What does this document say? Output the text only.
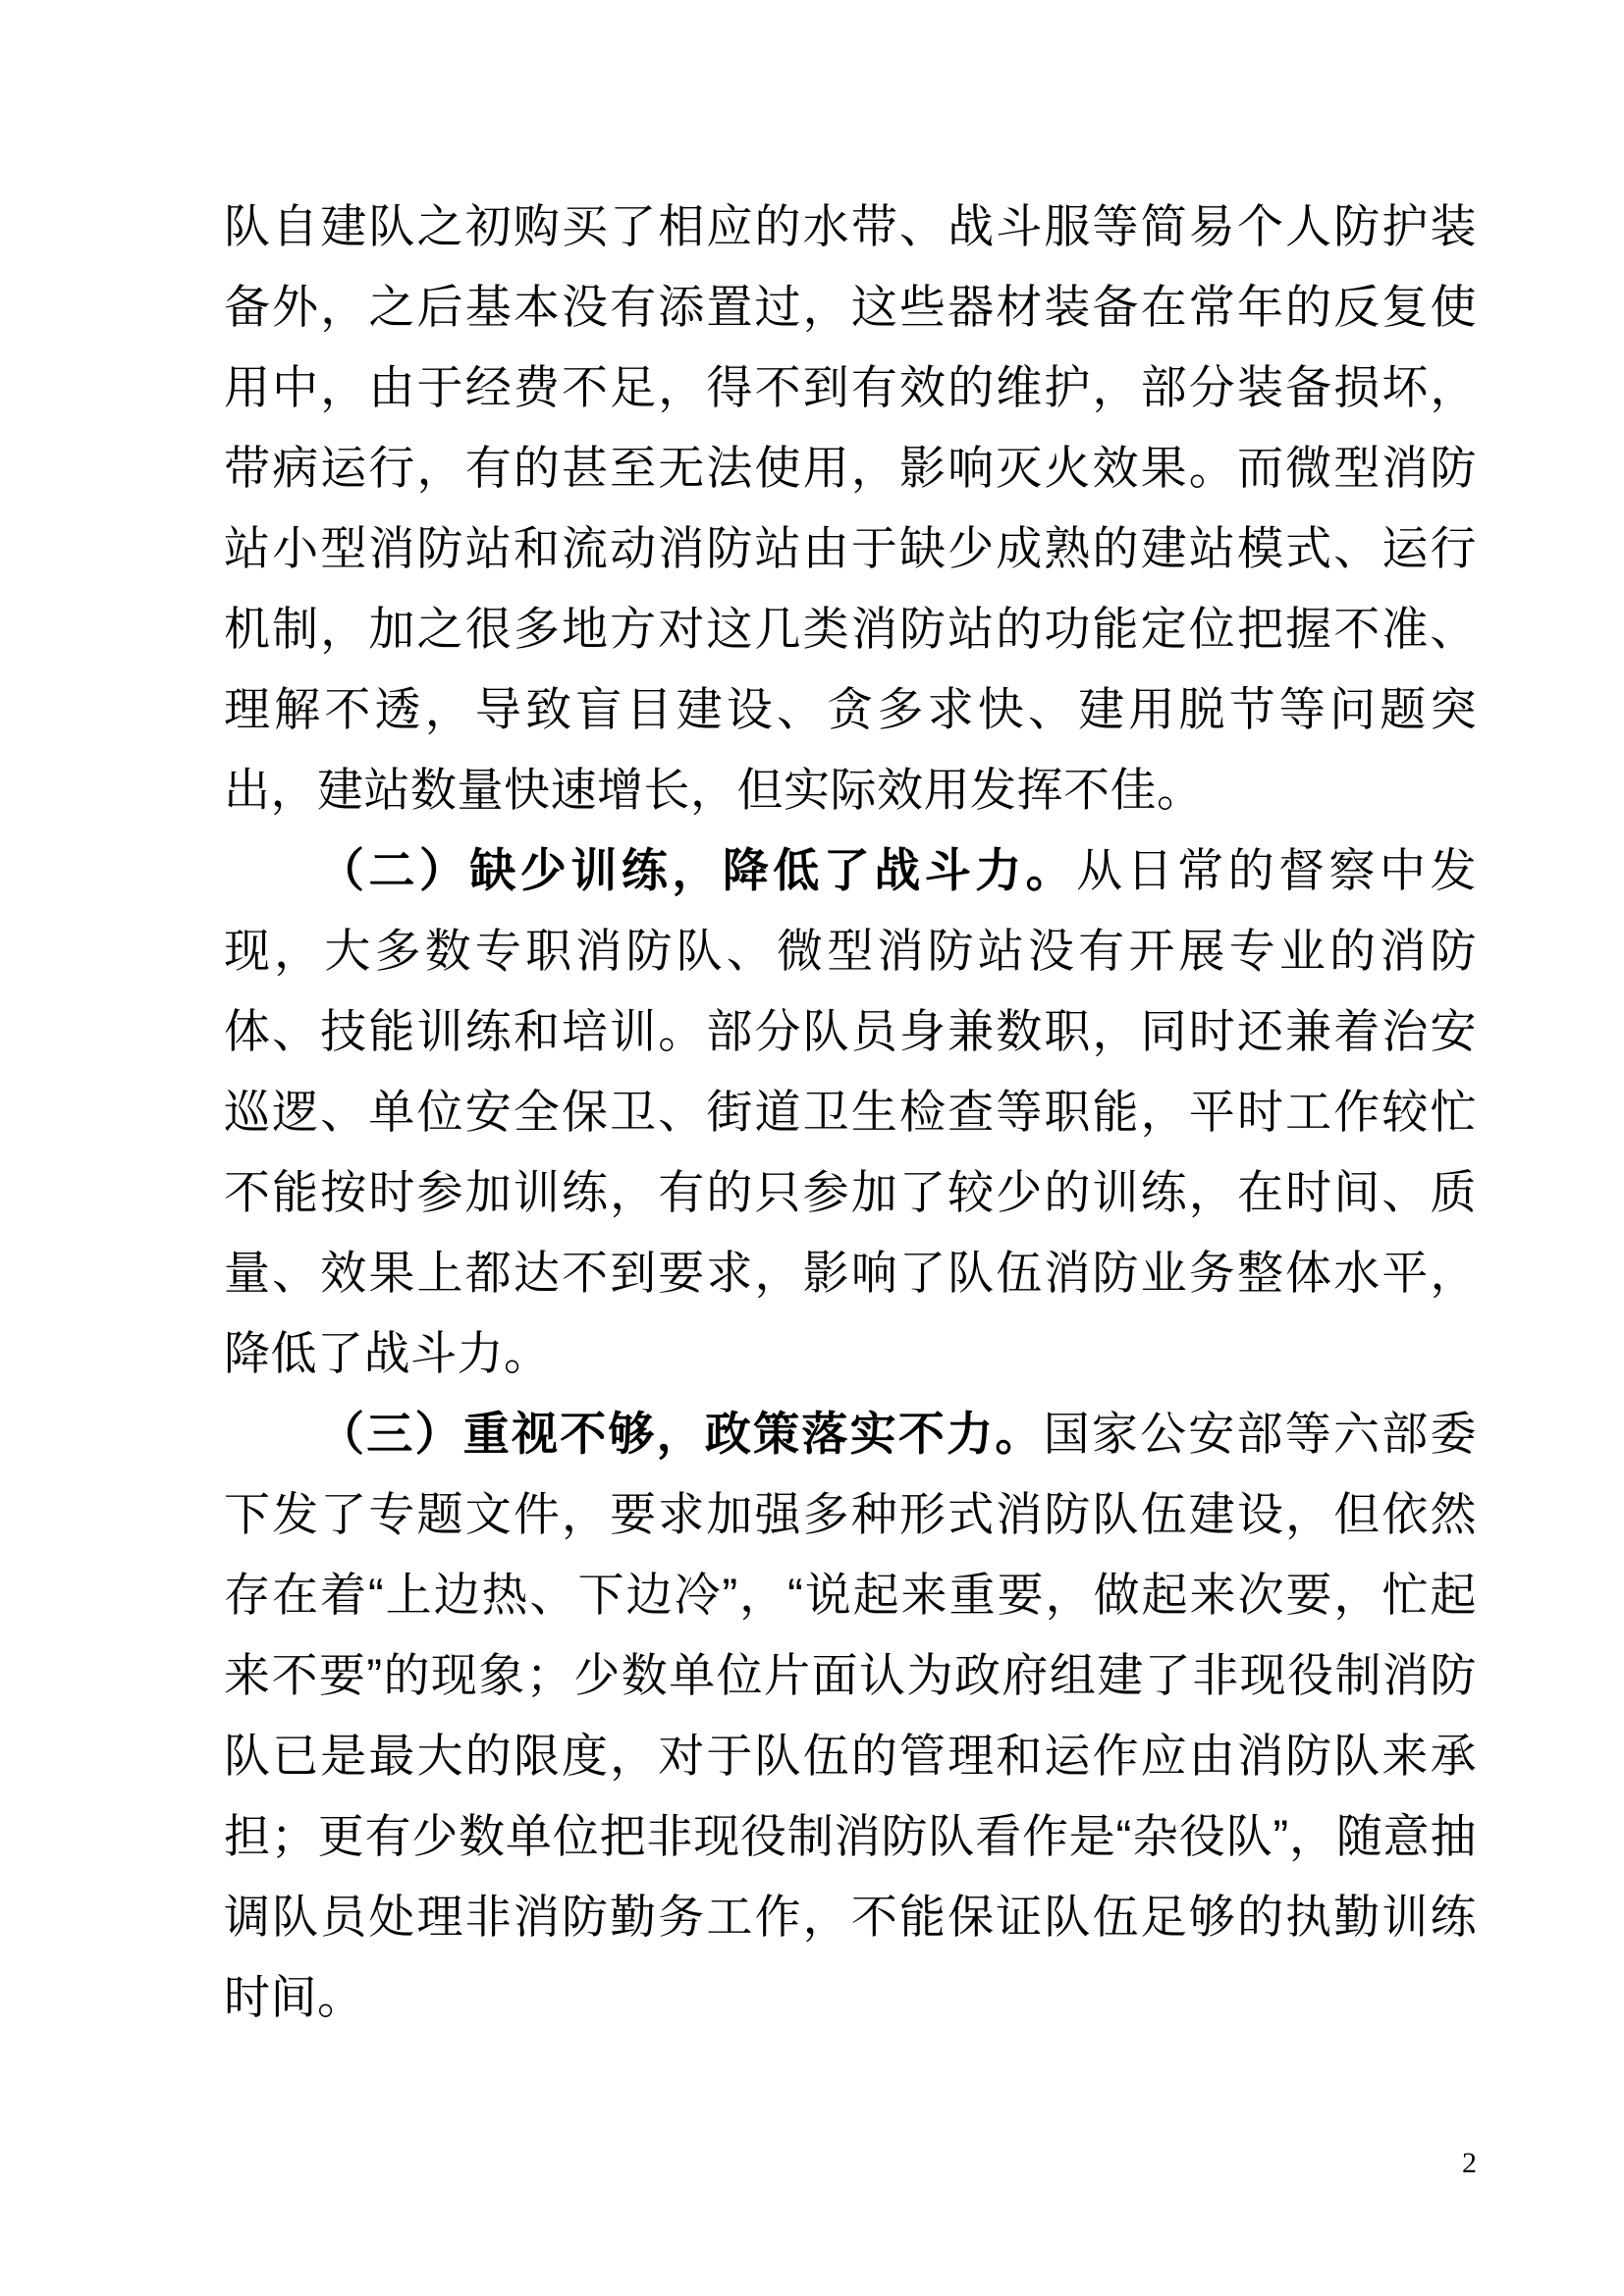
队自建队之初购买了相应的水带、战斗服等简易个人防护装备外，之后基本没有添置过，这些器材装备在常年的反复使用中，由于经费不足，得不到有效的维护，部分装备损坏，带病运行，有的甚至无法使用，影响灭火效果。而微型消防站小型消防站和流动消防站由于缺少成熟的建站模式、运行机制，加之很多地方对这几类消防站的功能定位把握不准、理解不透，导致盲目建设、贪多求快、建用脱节等问题突出，建站数量快速增长，但实际效用发挥不佳。
（二）缺少训练，降低了战斗力。从日常的督察中发现，大多数专职消防队、微型消防站没有开展专业的消防体、技能训练和培训。部分队员身兼数职，同时还兼着治安巡逻、单位安全保卫、街道卫生检查等职能，平时工作较忙不能按时参加训练，有的只参加了较少的训练，在时间、质量、效果上都达不到要求，影响了队伍消防业务整体水平，降低了战斗力。
（三）重视不够，政策落实不力。国家公安部等六部委下发了专题文件，要求加强多种形式消防队伍建设，但依然存在着“上边热、下边冷”，“说起来重要，做起来次要，忙起来不要”的现象；少数单位片面认为政府组建了非现役制消防队已是最大的限度，对于队伍的管理和运作应由消防队来承担；更有少数单位把非现役制消防队看作是“杂役队”，随意抽调队员处理非消防勤务工作，不能保证队伍足够的执勤训练时间。
2
